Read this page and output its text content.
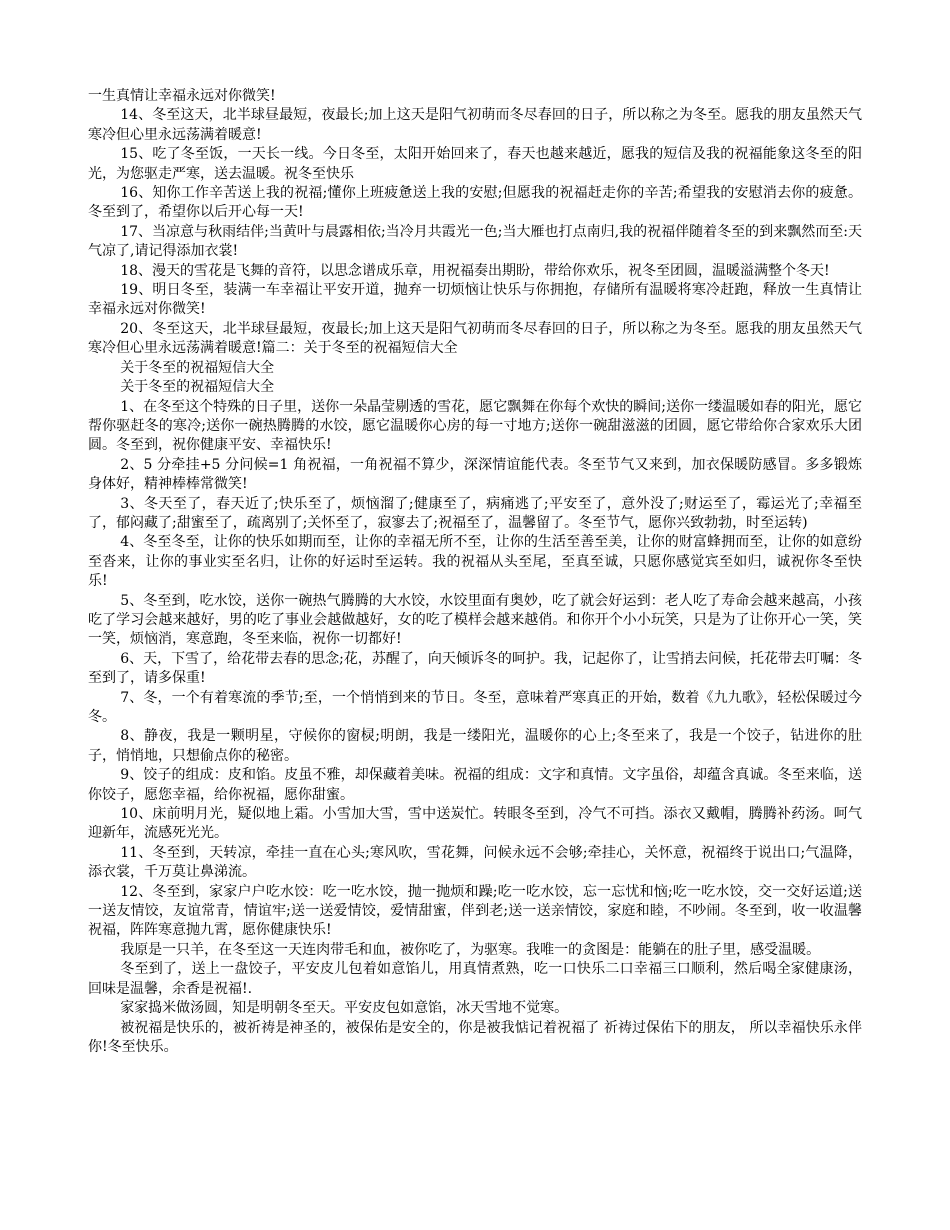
一生真情让幸福永远对你微笑!

14、冬至这天，北半球昼最短，夜最长;加上这天是阳气初萌而冬尽春回的日子，所以称之为冬至。愿我的朋友虽然天气寒冷但心里永远荡满着暖意!

15、吃了冬至饭，一天长一线。今日冬至，太阳开始回来了，春天也越来越近，愿我的短信及我的祝福能象这冬至的阳光，为您驱走严寒，送去温暖。祝冬至快乐

16、知你工作辛苦送上我的祝福;懂你上班疲惫送上我的安慰;但愿我的祝福赶走你的辛苦;希望我的安慰消去你的疲惫。冬至到了，希望你以后开心每一天!

17、当凉意与秋雨结伴;当黄叶与晨露相依;当冷月共霞光一色;当大雁也打点南归,我的祝福伴随着冬至的到来飘然而至:天气凉了,请记得添加衣裳!

18、漫天的雪花是飞舞的音符，以思念谱成乐章，用祝福奏出期盼，带给你欢乐，祝冬至团圆，温暖溢满整个冬天!

19、明日冬至，装满一车幸福让平安开道，抛弃一切烦恼让快乐与你拥抱，存储所有温暖将寒冷赶跑，释放一生真情让幸福永远对你微笑!

20、冬至这天，北半球昼最短，夜最长;加上这天是阳气初萌而冬尽春回的日子，所以称之为冬至。愿我的朋友虽然天气寒冷但心里永远荡满着暖意!篇二：关于冬至的祝福短信大全

关于冬至的祝福短信大全

关于冬至的祝福短信大全

1、在冬至这个特殊的日子里，送你一朵晶莹剔透的雪花，愿它飘舞在你每个欢快的瞬间;送你一缕温暖如春的阳光，愿它帮你驱赶冬的寒冷;送你一碗热腾腾的水饺，愿它温暖你心房的每一寸地方;送你一碗甜滋滋的团圆，愿它带给你合家欢乐大团圆。冬至到，祝你健康平安、幸福快乐!

2、5 分牵挂+5 分问候=1 角祝福，一角祝福不算少，深深情谊能代表。冬至节气又来到，加衣保暖防感冒。多多锻炼身体好，精神棒棒常微笑!

3、冬天至了，春天近了;快乐至了，烦恼溜了;健康至了，病痛逃了;平安至了，意外没了;财运至了，霉运光了;幸福至了，郁闷藏了;甜蜜至了，疏离别了;关怀至了，寂寥去了;祝福至了，温馨留了。冬至节气，愿你兴致勃勃，时至运转)

4、冬至冬至，让你的快乐如期而至，让你的幸福无所不至，让你的生活至善至美，让你的财富蜂拥而至，让你的如意纷至沓来，让你的事业实至名归，让你的好运时至运转。我的祝福从头至尾，至真至诚，只愿你感觉宾至如归，诚祝你冬至快乐!

5、冬至到，吃水饺，送你一碗热气腾腾的大水饺，水饺里面有奥妙，吃了就会好运到：老人吃了寿命会越来越高，小孩吃了学习会越来越好，男的吃了事业会越做越好，女的吃了模样会越来越俏。和你开个小小玩笑，只是为了让你开心一笑，笑一笑，烦恼消，寒意跑，冬至来临，祝你一切都好!

6、天，下雪了，给花带去春的思念;花，苏醒了，向天倾诉冬的呵护。我，记起你了，让雪捎去问候，托花带去叮嘱：冬至到了，请多保重!

7、冬，一个有着寒流的季节;至，一个悄悄到来的节日。冬至，意味着严寒真正的开始，数着《九九歌》，轻松保暖过今冬。

8、静夜，我是一颗明星，守候你的窗棂;明朗，我是一缕阳光，温暖你的心上;冬至来了，我是一个饺子，钻进你的肚子，悄悄地，只想偷点你的秘密。

9、饺子的组成：皮和馅。皮虽不雅，却保藏着美味。祝福的组成：文字和真情。文字虽俗，却蕴含真诚。冬至来临，送你饺子，愿您幸福，给你祝福，愿你甜蜜。

10、床前明月光，疑似地上霜。小雪加大雪，雪中送炭忙。转眼冬至到，冷气不可挡。添衣又戴帽，腾腾补药汤。呵气迎新年，流感死光光。

11、冬至到，天转凉，牵挂一直在心头;寒风吹，雪花舞，问候永远不会够;牵挂心，关怀意，祝福终于说出口;气温降，添衣裳，千万莫让鼻涕流。

12、冬至到，家家户户吃水饺：吃一吃水饺，抛一抛烦和躁;吃一吃水饺，忘一忘忧和恼;吃一吃水饺，交一交好运道;送一送友情饺，友谊常青，情谊牢;送一送爱情饺，爱情甜蜜，伴到老;送一送亲情饺，家庭和睦，不吵闹。冬至到，收一收温馨祝福，阵阵寒意抛九霄，愿你健康快乐!

我原是一只羊，在冬至这一天连肉带毛和血，被你吃了，为驱寒。我唯一的贪图是：能躺在的肚子里，感受温暖。

冬至到了，送上一盘饺子，平安皮儿包着如意馅儿，用真情煮熟，吃一口快乐二口幸福三口顺利，然后喝全家健康汤，回味是温馨，余香是祝福!.

家家捣米做汤圆，知是明朝冬至天。平安皮包如意馅，冰天雪地不觉寒。

被祝福是快乐的，被祈祷是神圣的，被保佑是安全的，你是被我惦记着祝福了 祈祷过保佑下的朋友， 所以幸福快乐永伴你!冬至快乐。
